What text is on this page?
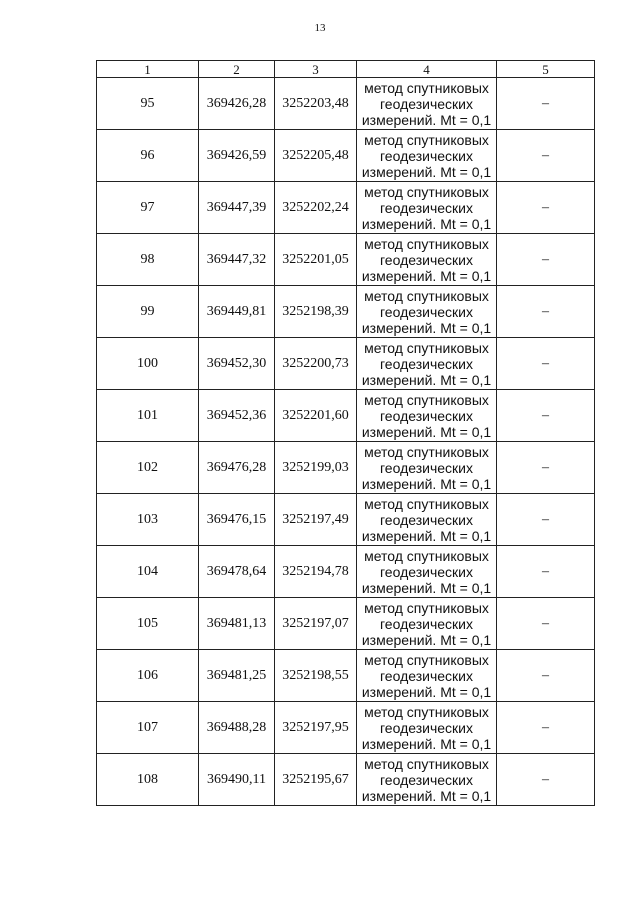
13
1	2	3	4	5
95	369426,28	3252203,48	метод спутниковых
геодезических
измерений. Mt = 0,1	–
96	369426,59	3252205,48	метод спутниковых
геодезических
измерений. Mt = 0,1	–
97	369447,39	3252202,24	метод спутниковых
геодезических
измерений. Mt = 0,1	–
98	369447,32	3252201,05	метод спутниковых
геодезических
измерений. Mt = 0,1	–
99	369449,81	3252198,39	метод спутниковых
геодезических
измерений. Mt = 0,1	–
100	369452,30	3252200,73	метод спутниковых
геодезических
измерений. Mt = 0,1	–
101	369452,36	3252201,60	метод спутниковых
геодезических
измерений. Mt = 0,1	–
102	369476,28	3252199,03	метод спутниковых
геодезических
измерений. Mt = 0,1	–
103	369476,15	3252197,49	метод спутниковых
геодезических
измерений. Mt = 0,1	–
104	369478,64	3252194,78	метод спутниковых
геодезических
измерений. Mt = 0,1	–
105	369481,13	3252197,07	метод спутниковых
геодезических
измерений. Mt = 0,1	–
106	369481,25	3252198,55	метод спутниковых
геодезических
измерений. Mt = 0,1	–
107	369488,28	3252197,95	метод спутниковых
геодезических
измерений. Mt = 0,1	–
108	369490,11	3252195,67	метод спутниковых
геодезических
измерений. Mt = 0,1	–
